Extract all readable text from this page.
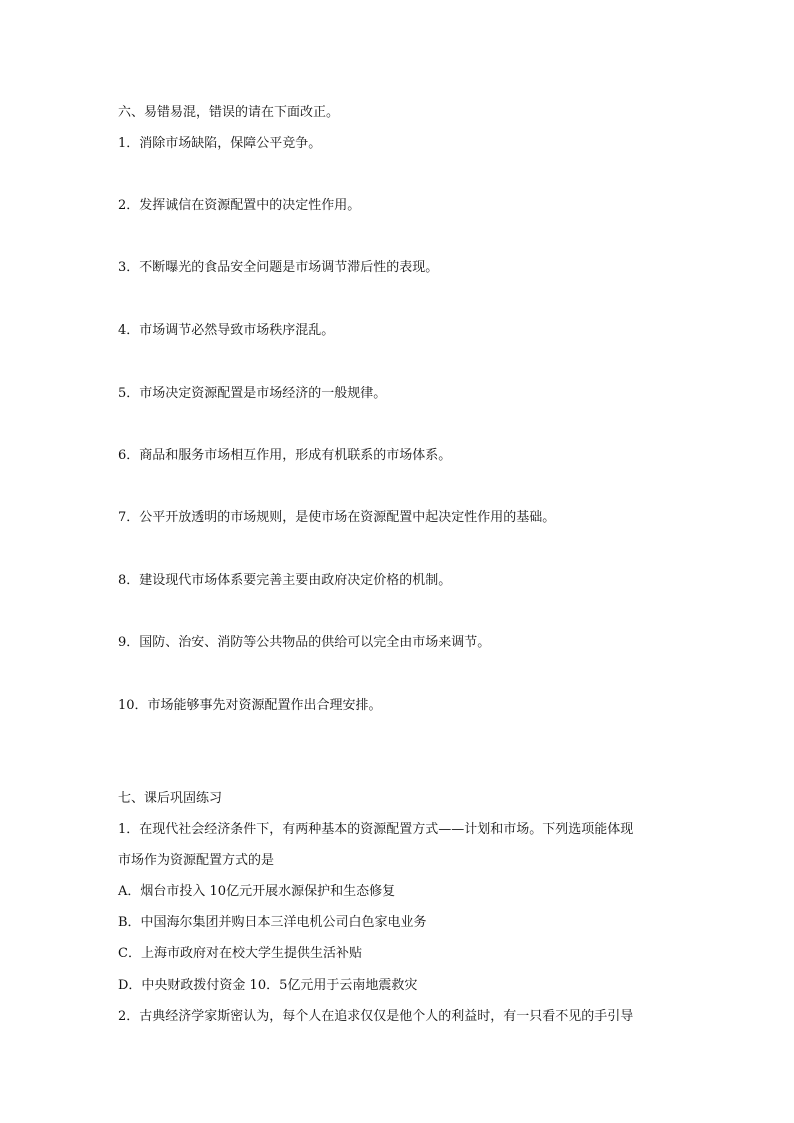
六、易错易混，错误的请在下面改正。
1．消除市场缺陷，保障公平竞争。
2．发挥诚信在资源配置中的决定性作用。
3．不断曝光的食品安全问题是市场调节滞后性的表现。
4．市场调节必然导致市场秩序混乱。
5．市场决定资源配置是市场经济的一般规律。
6．商品和服务市场相互作用，形成有机联系的市场体系。
7．公平开放透明的市场规则，是使市场在资源配置中起决定性作用的基础。
8．建设现代市场体系要完善主要由政府决定价格的机制。
9．国防、治安、消防等公共物品的供给可以完全由市场来调节。
10．市场能够事先对资源配置作出合理安排。
七、课后巩固练习
1．在现代社会经济条件下，有两种基本的资源配置方式——计划和市场。下列选项能体现
市场作为资源配置方式的是
A．烟台市投入 10亿元开展水源保护和生态修复
B．中国海尔集团并购日本三洋电机公司白色家电业务
C．上海市政府对在校大学生提供生活补贴
D．中央财政拨付资金 10．5亿元用于云南地震救灾
2．古典经济学家斯密认为，每个人在追求仅仅是他个人的利益时，有一只看不见的手引导
